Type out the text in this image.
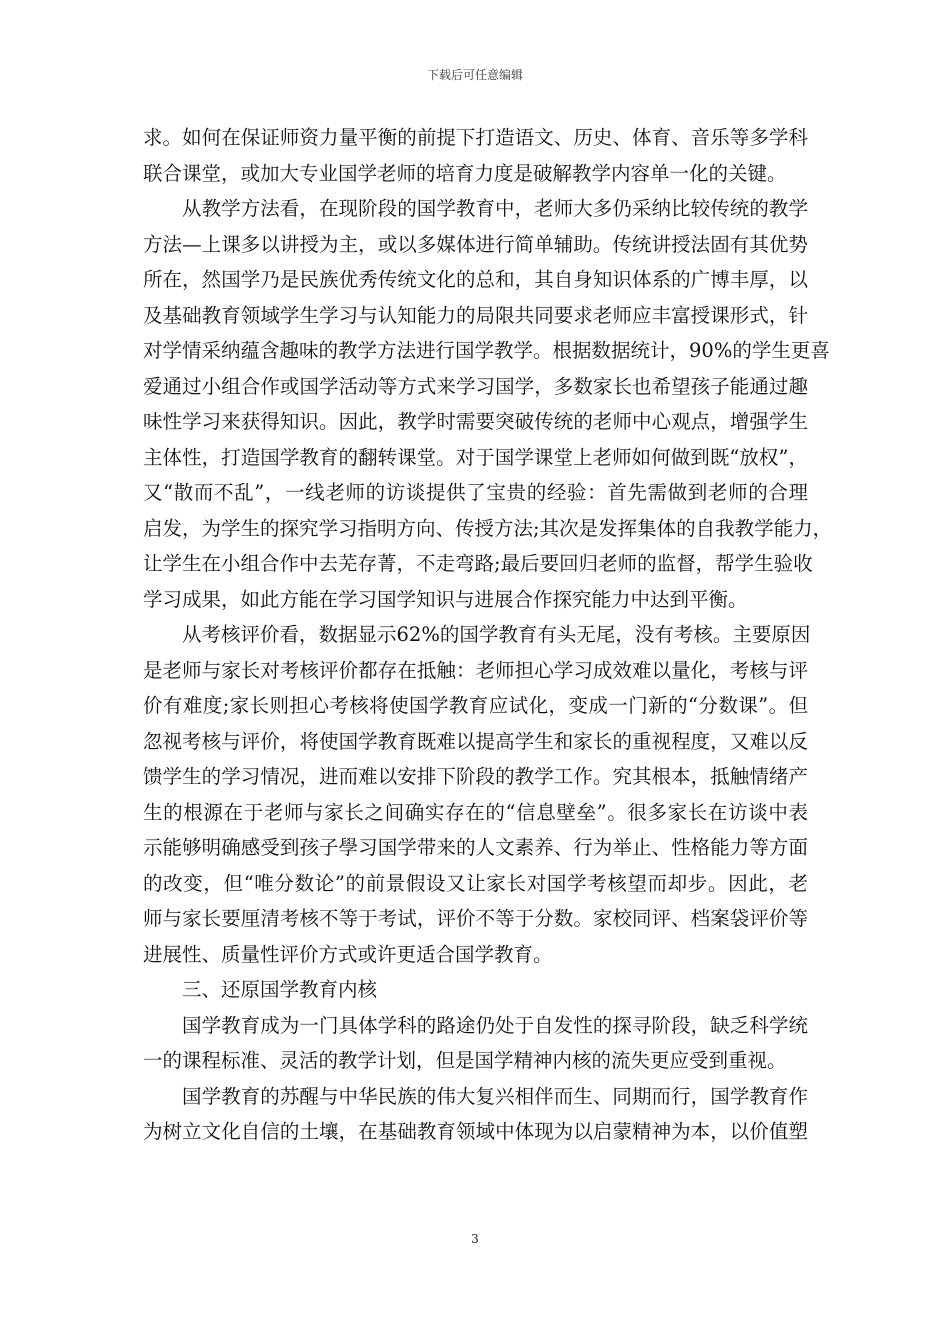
下载后可任意编辑
求。如何在保证师资力量平衡的前提下打造语文、历史、体育、音乐等多学科
联合课堂，或加大专业国学老师的培育力度是破解教学内容单一化的关键。
从教学方法看，在现阶段的国学教育中，老师大多仍采纳比较传统的教学
方法—上课多以讲授为主，或以多媒体进行简单辅助。传统讲授法固有其优势
所在，然国学乃是民族优秀传统文化的总和，其自身知识体系的广博丰厚，以
及基础教育领域学生学习与认知能力的局限共同要求老师应丰富授课形式，针
对学情采纳蕴含趣味的教学方法进行国学教学。根据数据统计，90%的学生更喜
爱通过小组合作或国学活动等方式来学习国学，多数家长也希望孩子能通过趣
味性学习来获得知识。因此，教学时需要突破传统的老师中心观点，增强学生
主体性，打造国学教育的翻转课堂。对于国学课堂上老师如何做到既“放权”，
又“散而不乱”，一线老师的访谈提供了宝贵的经验：首先需做到老师的合理
启发，为学生的探究学习指明方向、传授方法;其次是发挥集体的自我教学能力，
让学生在小组合作中去芜存菁，不走弯路;最后要回归老师的监督，帮学生验收
学习成果，如此方能在学习国学知识与进展合作探究能力中达到平衡。
从考核评价看，数据显示62%的国学教育有头无尾，没有考核。主要原因
是老师与家长对考核评价都存在抵触：老师担心学习成效难以量化，考核与评
价有难度;家长则担心考核将使国学教育应试化，变成一门新的“分数课”。但
忽视考核与评价，将使国学教育既难以提高学生和家长的重视程度，又难以反
馈学生的学习情况，进而难以安排下阶段的教学工作。究其根本，抵触情绪产
生的根源在于老师与家长之间确实存在的“信息壁垒”。很多家长在访谈中表
示能够明确感受到孩子學习国学带来的人文素养、行为举止、性格能力等方面
的改变，但“唯分数论”的前景假设又让家长对国学考核望而却步。因此，老
师与家长要厘清考核不等于考试，评价不等于分数。家校同评、档案袋评价等
进展性、质量性评价方式或许更适合国学教育。
三、还原国学教育内核
国学教育成为一门具体学科的路途仍处于自发性的探寻阶段，缺乏科学统
一的课程标准、灵活的教学计划，但是国学精神内核的流失更应受到重视。
国学教育的苏醒与中华民族的伟大复兴相伴而生、同期而行，国学教育作
为树立文化自信的土壤，在基础教育领域中体现为以启蒙精神为本，以价值塑
3
